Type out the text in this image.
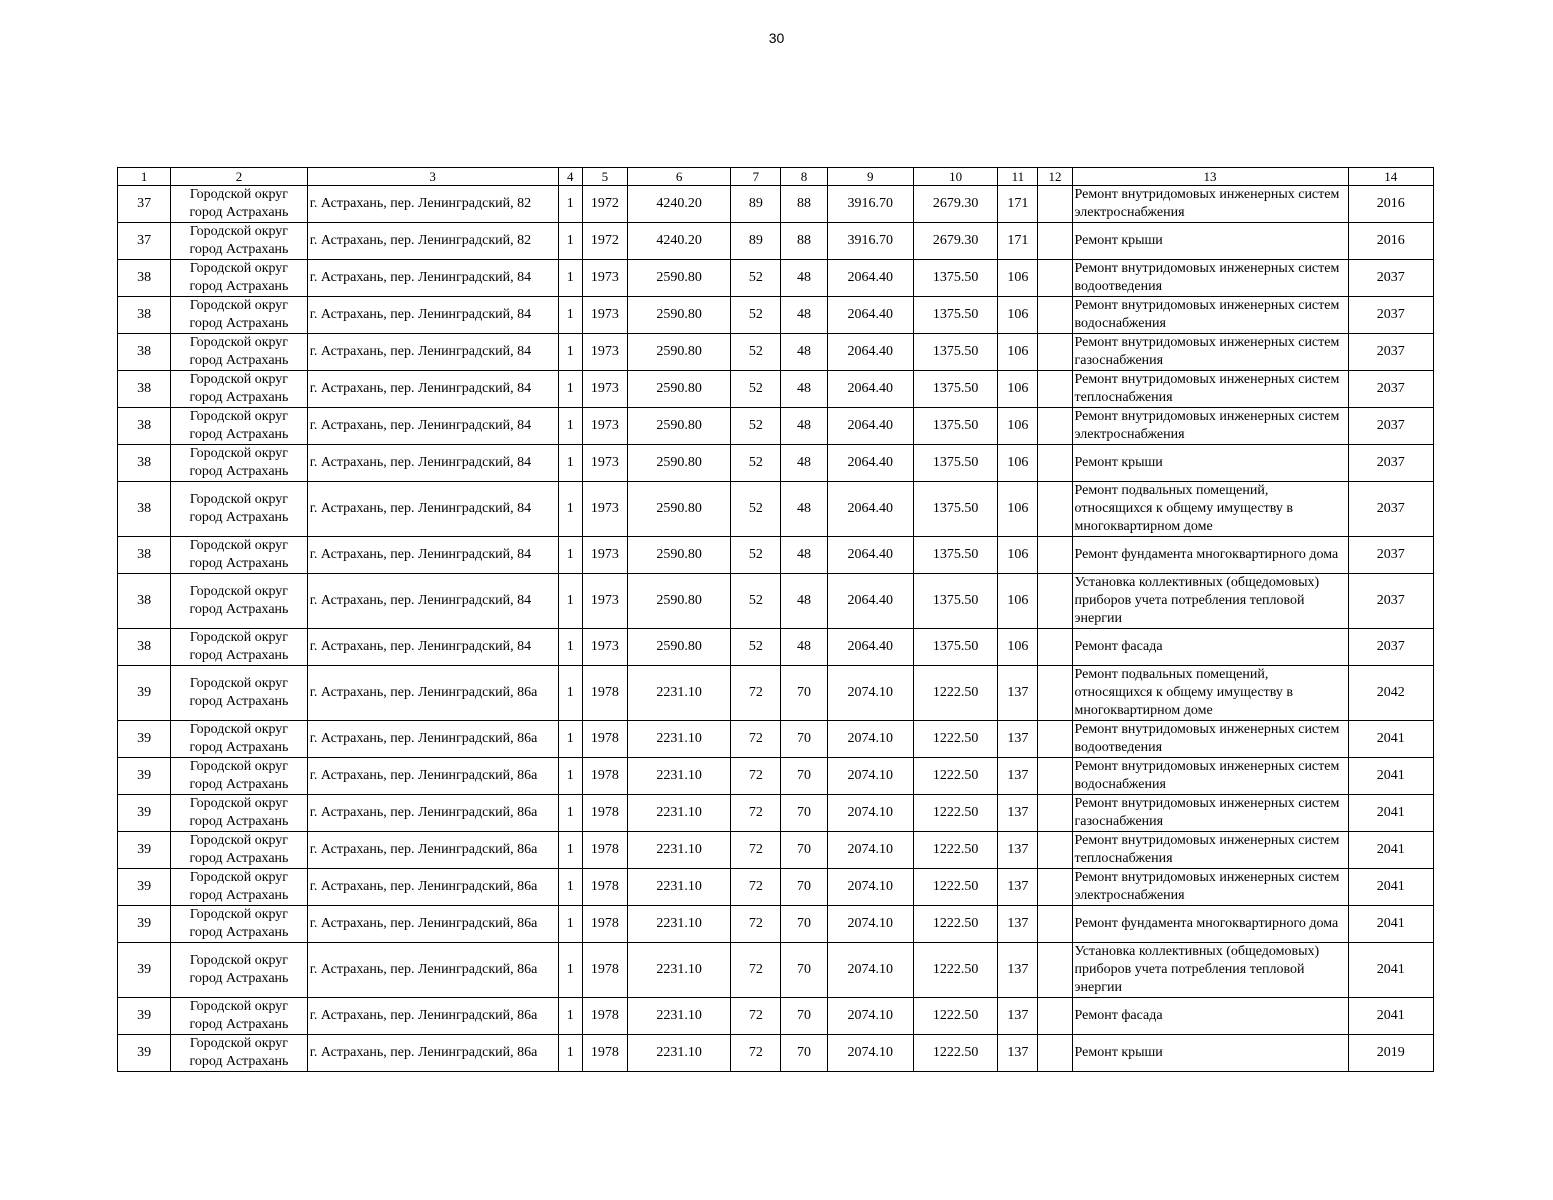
30
1	2	3	4	5	6	7	8	9	10	11	12	13	14
37	Городской округ город Астрахань	г. Астрахань, пер. Ленинградский, 82	1	1972	4240.20	89	88	3916.70	2679.30	171		Ремонт внутридомовых инженерных систем электроснабжения	2016
37	Городской округ город Астрахань	г. Астрахань, пер. Ленинградский, 82	1	1972	4240.20	89	88	3916.70	2679.30	171		Ремонт крыши	2016
38	Городской округ город Астрахань	г. Астрахань, пер. Ленинградский, 84	1	1973	2590.80	52	48	2064.40	1375.50	106		Ремонт внутридомовых инженерных систем водоотведения	2037
38	Городской округ город Астрахань	г. Астрахань, пер. Ленинградский, 84	1	1973	2590.80	52	48	2064.40	1375.50	106		Ремонт внутридомовых инженерных систем водоснабжения	2037
38	Городской округ город Астрахань	г. Астрахань, пер. Ленинградский, 84	1	1973	2590.80	52	48	2064.40	1375.50	106		Ремонт внутридомовых инженерных систем газоснабжения	2037
38	Городской округ город Астрахань	г. Астрахань, пер. Ленинградский, 84	1	1973	2590.80	52	48	2064.40	1375.50	106		Ремонт внутридомовых инженерных систем теплоснабжения	2037
38	Городской округ город Астрахань	г. Астрахань, пер. Ленинградский, 84	1	1973	2590.80	52	48	2064.40	1375.50	106		Ремонт внутридомовых инженерных систем электроснабжения	2037
38	Городской округ город Астрахань	г. Астрахань, пер. Ленинградский, 84	1	1973	2590.80	52	48	2064.40	1375.50	106		Ремонт крыши	2037
38	Городской округ город Астрахань	г. Астрахань, пер. Ленинградский, 84	1	1973	2590.80	52	48	2064.40	1375.50	106		Ремонт подвальных помещений, относящихся к общему имуществу в многоквартирном доме	2037
38	Городской округ город Астрахань	г. Астрахань, пер. Ленинградский, 84	1	1973	2590.80	52	48	2064.40	1375.50	106		Ремонт фундамента многоквартирного дома	2037
38	Городской округ город Астрахань	г. Астрахань, пер. Ленинградский, 84	1	1973	2590.80	52	48	2064.40	1375.50	106		Установка коллективных (общедомовых) приборов учета потребления тепловой энергии	2037
38	Городской округ город Астрахань	г. Астрахань, пер. Ленинградский, 84	1	1973	2590.80	52	48	2064.40	1375.50	106		Ремонт фасада	2037
39	Городской округ город Астрахань	г. Астрахань, пер. Ленинградский, 86а	1	1978	2231.10	72	70	2074.10	1222.50	137		Ремонт подвальных помещений, относящихся к общему имуществу в многоквартирном доме	2042
39	Городской округ город Астрахань	г. Астрахань, пер. Ленинградский, 86а	1	1978	2231.10	72	70	2074.10	1222.50	137		Ремонт внутридомовых инженерных систем водоотведения	2041
39	Городской округ город Астрахань	г. Астрахань, пер. Ленинградский, 86а	1	1978	2231.10	72	70	2074.10	1222.50	137		Ремонт внутридомовых инженерных систем водоснабжения	2041
39	Городской округ город Астрахань	г. Астрахань, пер. Ленинградский, 86а	1	1978	2231.10	72	70	2074.10	1222.50	137		Ремонт внутридомовых инженерных систем газоснабжения	2041
39	Городской округ город Астрахань	г. Астрахань, пер. Ленинградский, 86а	1	1978	2231.10	72	70	2074.10	1222.50	137		Ремонт внутридомовых инженерных систем теплоснабжения	2041
39	Городской округ город Астрахань	г. Астрахань, пер. Ленинградский, 86а	1	1978	2231.10	72	70	2074.10	1222.50	137		Ремонт внутридомовых инженерных систем электроснабжения	2041
39	Городской округ город Астрахань	г. Астрахань, пер. Ленинградский, 86а	1	1978	2231.10	72	70	2074.10	1222.50	137		Ремонт фундамента многоквартирного дома	2041
39	Городской округ город Астрахань	г. Астрахань, пер. Ленинградский, 86а	1	1978	2231.10	72	70	2074.10	1222.50	137		Установка коллективных (общедомовых) приборов учета потребления тепловой энергии	2041
39	Городской округ город Астрахань	г. Астрахань, пер. Ленинградский, 86а	1	1978	2231.10	72	70	2074.10	1222.50	137		Ремонт фасада	2041
39	Городской округ город Астрахань	г. Астрахань, пер. Ленинградский, 86а	1	1978	2231.10	72	70	2074.10	1222.50	137		Ремонт крыши	2019
